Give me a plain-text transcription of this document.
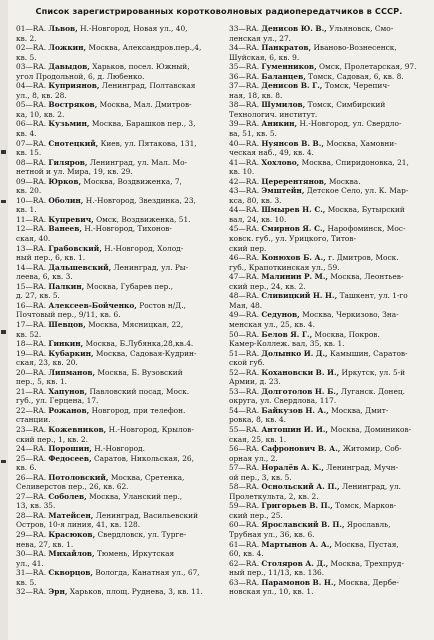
Список зарегистрированных коротковолновых радиопередатчиков в СССР.
01—RA. Львов, Н.-Новгород, Новая ул., 40,
кв. 2.
02—RA. Ложкин, Москва, Александров.пер.,4,
кв. 5.
03—RA. Давыдов, Харьков, посел. Южный,
угол Продольной, 6, д. Любенко.
04—RA. Куприянов, Ленинград, Полтавская
ул., 8, кв. 28.
05—RA. Востряков, Москва, Мал. Дмитров-
ка, 10, кв. 2.
06—RA. Кузьмин, Москва, Барашков пер., 3,
кв. 4.
07—RA. Снотецкий, Киев, ул. Пятакова, 131,
кв. 15.
08—RA. Гиляров, Ленинград, ул. Мал. Мо-
нетной и ул. Мира, 19, кв. 29.
09—RA. Юрков, Москва, Воздвиженка, 7,
кв. 20.
10—RA. Оболин, Н.-Новгород, Звездинка, 23,
кв. 1.
11—RA. Купревич, Омск, Воздвиженка, 51.
12—RA. Ванеев, Н.-Новгород, Тихонов-
ская, 40.
13—RA. Грабовский, Н.-Новгород, Холод-
ный пер., 6, кв. 1.
14—RA. Дальшевский, Ленинград, ул. Ры-
леева, 6, кв. 3.
15—RA. Палкин, Москва, Губарев пер.,
д. 27, кв. 5.
16—RA. Алексеев-Бойченко, Ростов н/Д.,
Почтовый пер., 9/11, кв. 6.
17—RA. Шевцов, Москва, Мясницкая, 22,
кв. 52.
18—RA. Гинкин, Москва, Б.Лубянка,28,кв.4.
19—RA. Кубаркин, Москва, Садовая-Кудрин-
ская, 23, кв. 20.
20—RA. Липманов, Москва, Б. Вузовский
пер., 5, кв. 1.
21—RA. Хапунов, Павловский посад, Моск.
губ., ул. Герцена, 17.
22—RA. Рожанов, Новгород, при телефон.
станции.
23—RA. Кожевников, Н.-Новгород, Крылов-
ский пер., 1, кв. 2.
24—RA. Порошин, Н.-Новгород.
25—RA. Федосеев, Саратов, Никольская, 26,
кв. 6.
26—RA. Потоловский, Москва, Сретенка,
Селиверстов пер., 26, кв. 62.
27—RA. Соболев, Москва, Уланский пер.,
13, кв. 35.
28—RA. Матейсен, Ленинград, Васильевский
Остров, 10-я линия, 41, кв. 128.
29—RA. Красюков, Свердловск, ул. Турге-
нева, 27, кв. 1.
30—RA. Михайлов, Тюмень, Иркутская
ул., 41.
31—RA. Скворцов, Вологда, Канатная ул., 67,
кв. 5.
32—RA. Эрн, Харьков, площ. Руднева, 3, кв. 11.
33—RA. Денисов Ю. В., Ульяновск, Смо-
ленская ул., 27.
34—RA. Панкратов, Иваново-Вознесенск,
Шуйская, 6, кв. 9.
35—RA. Гуменников, Омск, Пролетарская, 97.
36—RA. Баланцев, Томск, Садовая, 6, кв. 8.
37—RA. Денисов В. Г., Томск, Черепич-
ная, 18, кв. 8.
38—RA. Шумилов, Томск, Симбирский
Технологич. институт.
39—RA. Аникин, Н.-Новгород, ул. Свердло-
ва, 51, кв. 5.
40—RA. Нуянсов В. В., Москва, Хамовни-
ческая наб., 49, кв. 4.
41—RA. Хохлово, Москва, Спиридоновка, 21,
кв. 10.
42—RA. Церерентянов, Москва.
43—RA. Эмштейн, Детское Село, ул. К. Мар-
кса, 80, кв. 3.
44—RA. Шмырев Н. С., Москва, Бутырский
вал, 24, кв. 10.
45—RA. Смирнов Я. С., Нарофоминск, Мос-
ковск. губ., ул. Урицкого, Титов-
ский пер.
46—RA. Конюхов Б. А., г. Дмитров, Моск.
губ., Крапоткинская ул., 59.
47—RA. Малинин Р. М., Москва, Леонтьев-
ский пер., 24, кв. 2.
48—RA. Сливицкий Н. Н., Ташкент, ул. 1-го
Мая, 48.
49—RA. Седунов, Москва, Черкизово, Зна-
менская ул., 25, кв. 4.
50—RA. Белов Я. Г., Москва, Покров.
Камер-Коллеж. вал, 35, кв. 1.
51—RA. Долынко И. Д., Камышин, Саратов-
ской губ.
52—RA. Кохановски В. И., Иркутск, ул. 5-й
Армии, д. 23.
53—RA. Долготолов Н. Б., Луганск. Донец.
округа, ул. Свердлова, 117.
54—RA. Байкузов Н. А., Москва, Дмит-
ровка, 8, кв. 4.
55—RA. Антошин И. И., Москва, Домиников-
ская, 25, кв. 1.
56—RA. Сафронович В. А., Житомир, Соб-
орная ул., 2.
57—RA. Норалёв А. К., Ленинград, Мучн-
ой пер., 3, кв. 5.
58—RA. Оснольский А. П., Ленинград, ул.
Пролеткульта, 2, кв. 2.
59—RA. Григорьев В. П., Томск, Марков-
ский пер., 25.
60—RA. Ярославский В. П., Ярославль,
Трубная ул., 36, кв. 6.
61—RA. Мартынов А. А., Москва, Пустая,
60, кв. 4.
62—RA. Столяров А. Д., Москва, Трехпруд-
ный пер., 11/13, кв. 136.
63—RA. Парамонов В. Н., Москва, Дербе-
новская ул., 10, кв. 1.
